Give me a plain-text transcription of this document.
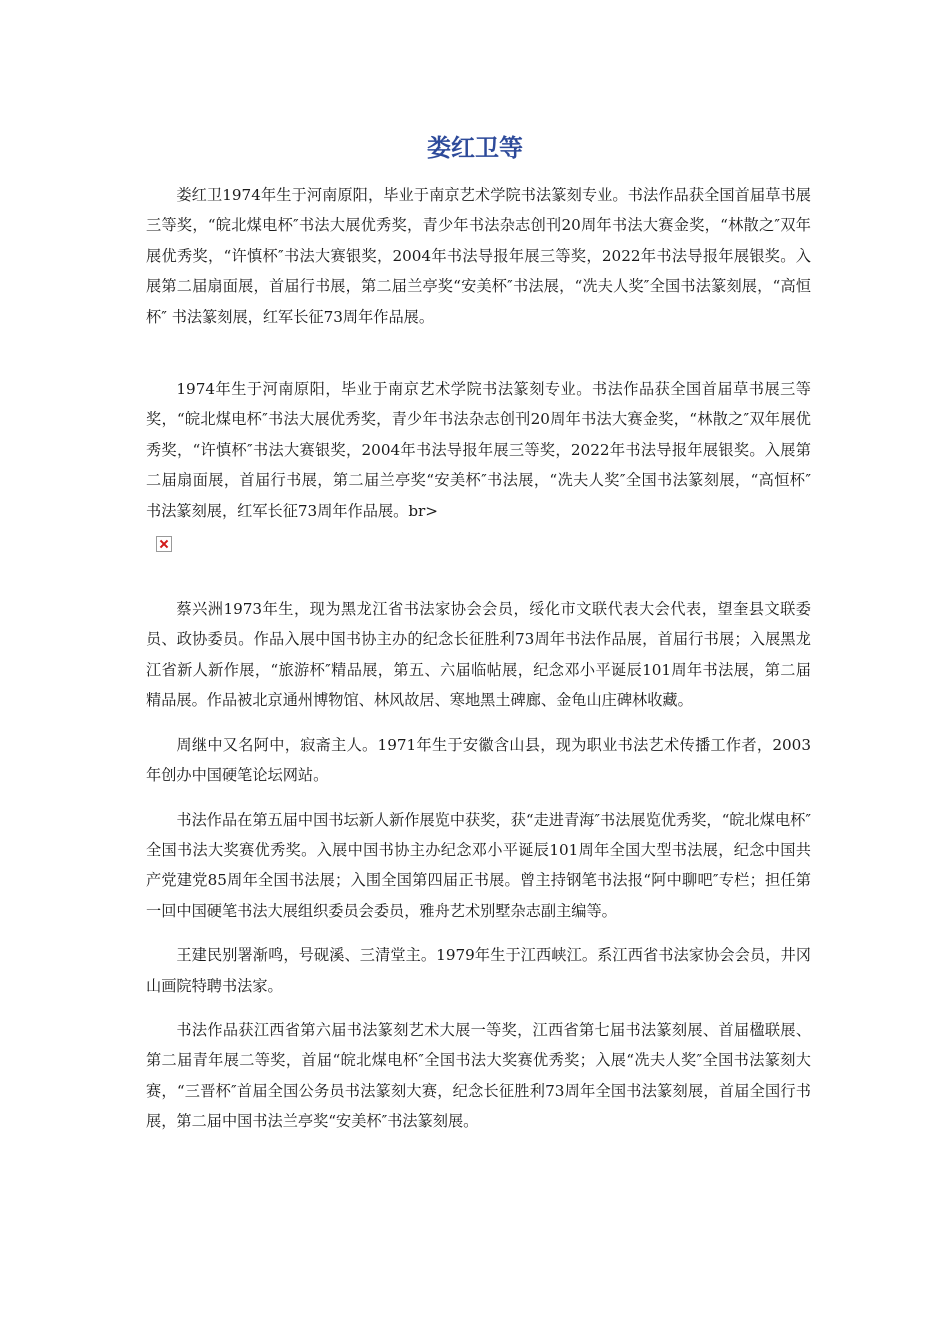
娄红卫等

娄红卫1974年生于河南原阳，毕业于南京艺术学院书法篆刻专业。书法作品获全国首届草书展三等奖，“皖北煤电杯″书法大展优秀奖，青少年书法杂志创刊20周年书法大赛金奖，“林散之″双年展优秀奖，“许慎杯″书法大赛银奖，2004年书法导报年展三等奖，2022年书法导报年展银奖。入展第二届扇面展，首届行书展，第二届兰亭奖“安美杯″书法展，“冼夫人奖″全国书法篆刻展，“高恒杯″ 书法篆刻展，红军长征73周年作品展。

1974年生于河南原阳，毕业于南京艺术学院书法篆刻专业。书法作品获全国首届草书展三等奖，“皖北煤电杯″书法大展优秀奖，青少年书法杂志创刊20周年书法大赛金奖，“林散之″双年展优秀奖，“许慎杯″书法大赛银奖，2004年书法导报年展三等奖，2022年书法导报年展银奖。入展第二届扇面展，首届行书展，第二届兰亭奖“安美杯″书法展，“冼夫人奖″全国书法篆刻展，“高恒杯″ 书法篆刻展，红军长征73周年作品展。br>

蔡兴洲1973年生，现为黑龙江省书法家协会会员，绥化市文联代表大会代表，望奎县文联委员、政协委员。作品入展中国书协主办的纪念长征胜利73周年书法作品展，首届行书展；入展黑龙江省新人新作展，“旅游杯″精品展，第五、六届临帖展，纪念邓小平诞辰101周年书法展，第二届精品展。作品被北京通州博物馆、林风故居、寒地黑土碑廊、金龟山庄碑林收藏。

周继中又名阿中，寂斋主人。1971年生于安徽含山县，现为职业书法艺术传播工作者，2003年创办中国硬笔论坛网站。

书法作品在第五届中国书坛新人新作展览中获奖，获“走进青海″书法展览优秀奖，“皖北煤电杯″全国书法大奖赛优秀奖。入展中国书协主办纪念邓小平诞辰101周年全国大型书法展，纪念中国共产党建党85周年全国书法展；入围全国第四届正书展。曾主持钢笔书法报“阿中聊吧″专栏；担任第一回中国硬笔书法大展组织委员会委员，雅舟艺术别墅杂志副主编等。

王建民别署渐鸣，号砚溪、三清堂主。1979年生于江西峡江。系江西省书法家协会会员，井冈山画院特聘书法家。

书法作品获江西省第六届书法篆刻艺术大展一等奖，江西省第七届书法篆刻展、首届楹联展、第二届青年展二等奖，首届“皖北煤电杯″全国书法大奖赛优秀奖；入展“冼夫人奖″全国书法篆刻大赛，“三晋杯″首届全国公务员书法篆刻大赛，纪念长征胜利73周年全国书法篆刻展，首届全国行书展，第二届中国书法兰亭奖“安美杯″书法篆刻展。
